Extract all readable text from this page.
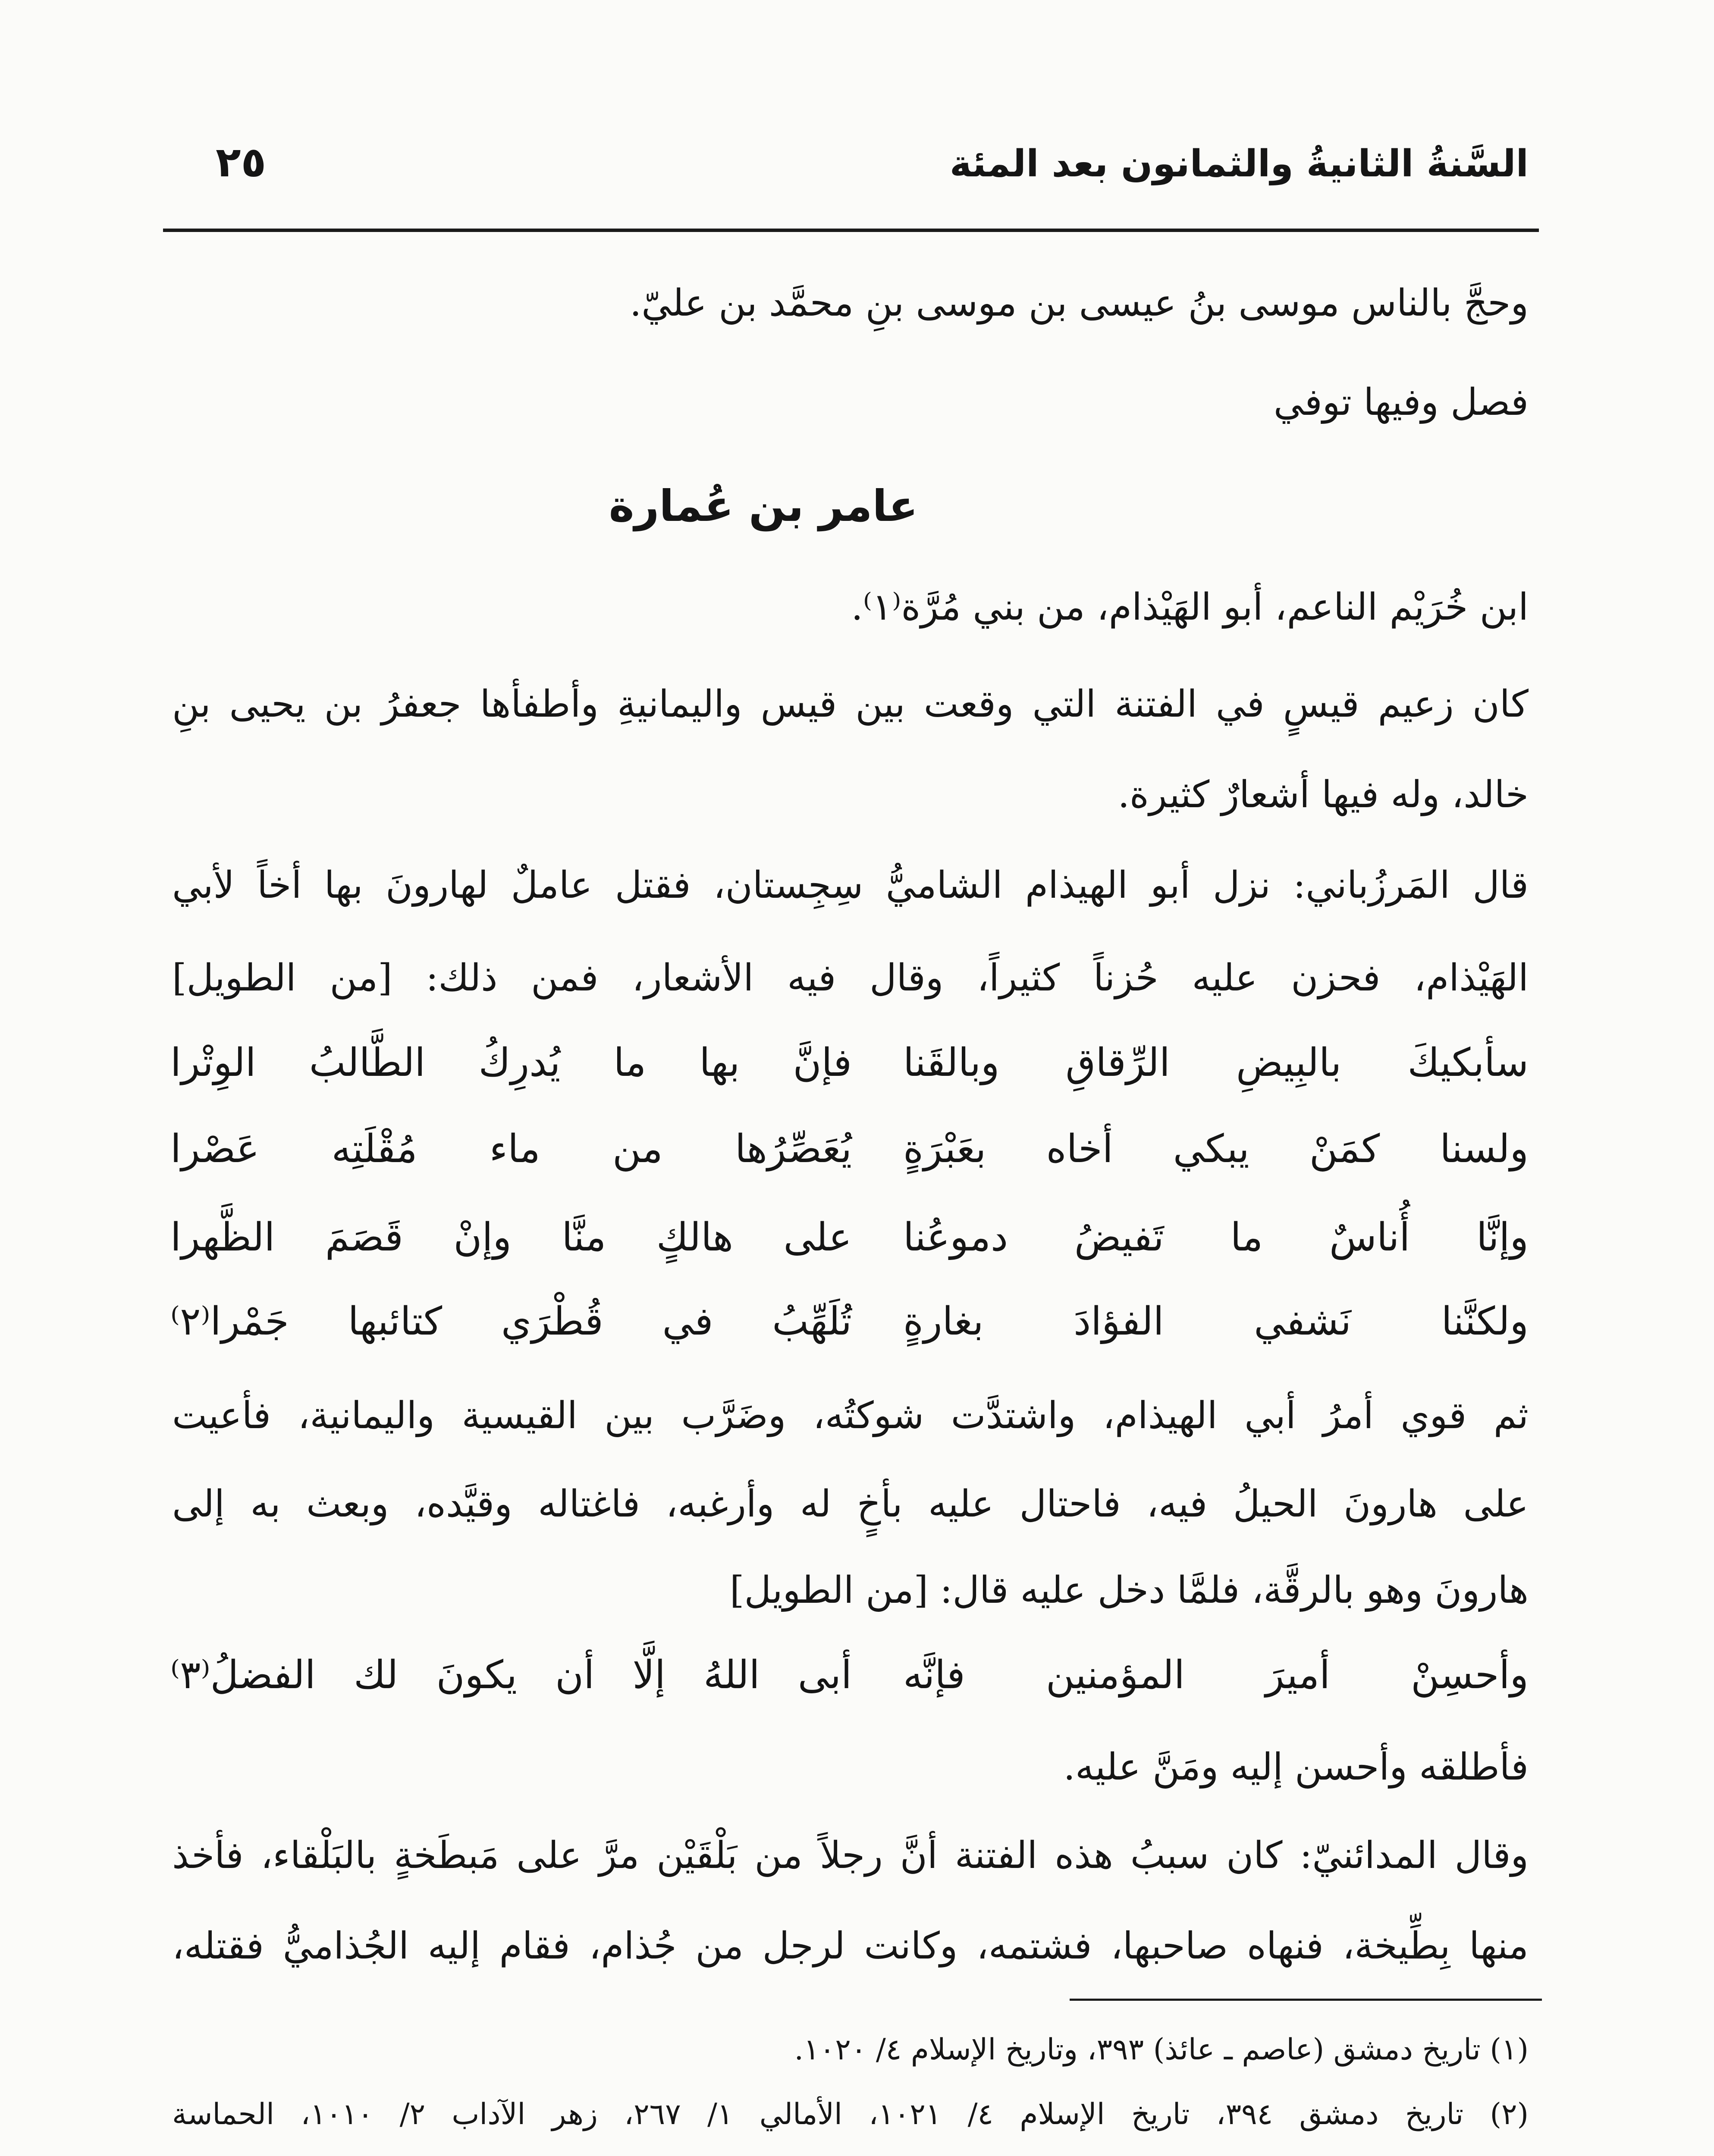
السَّنةُ الثانيةُ والثمانون بعد المئة
٢٥
وحجَّ بالناس موسى بنُ عيسى بن موسى بنِ محمَّد بن عليّ.
فصل وفيها توفي
عامر بن عُمارة
ابن خُرَيْم الناعم، أبو الهَيْذام، من بني مُرَّة⁽١⁾.
كان زعيم قيسٍ في الفتنة التي وقعت بين قيس واليمانيةِ وأطفأها جعفرُ بن يحيى بنِ
خالد، وله فيها أشعارٌ كثيرة.
قال المَرزُباني: نزل أبو الهيذام الشاميُّ سِجِستان، فقتل عاملٌ لهارونَ بها أخاً لأبي
الهَيْذام، فحزن عليه حُزناً كثيراً، وقال فيه الأشعار، فمن ذلك: [من الطويل]
سأبكيكَ بالبِيضِ الرِّقاقِ وبالقَنا
فإنَّ بها ما يُدرِكُ الطَّالبُ الوِتْرا
ولسنا كمَنْ يبكي أخاه بعَبْرَةٍ
يُعَصِّرُها من ماء مُقْلَتِه عَصْرا
وإنَّا أُناسٌ ما تَفيضُ دموعُنا
على هالكٍ منَّا وإنْ قَصَمَ الظَّهرا
ولكنَّنا نَشفي الفؤادَ بغارةٍ
تُلَهِّبُ في قُطْرَي كتائبها جَمْرا⁽٢⁾
ثم قوي أمرُ أبي الهيذام، واشتدَّت شوكتُه، وضَرَّب بين القيسية واليمانية، فأعيت
على هارونَ الحيلُ فيه، فاحتال عليه بأخٍ له وأرغبه، فاغتاله وقيَّده، وبعث به إلى
هارونَ وهو بالرقَّة، فلمَّا دخل عليه قال: [من الطويل]
وأحسِنْ أميرَ المؤمنين فإنَّه
أبى اللهُ إلَّا أن يكونَ لك الفضلُ⁽٣⁾
فأطلقه وأحسن إليه ومَنَّ عليه.
وقال المدائنيّ: كان سببُ هذه الفتنة أنَّ رجلاً من بَلْقَيْن مرَّ على مَبطَخةٍ بالبَلْقاء، فأخذ
منها بِطِّيخة، فنهاه صاحبها، فشتمه، وكانت لرجل من جُذام، فقام إليه الجُذاميُّ فقتله،
(١) تاريخ دمشق (عاصم ـ عائذ) ٣٩٣، وتاريخ الإسلام ٤/ ١٠٢٠.
(٢) تاريخ دمشق ٣٩٤، تاريخ الإسلام ٤/ ١٠٢١، الأمالي ١/ ٢٦٧، زهر الآداب ٢/ ١٠١٠، الحماسة
